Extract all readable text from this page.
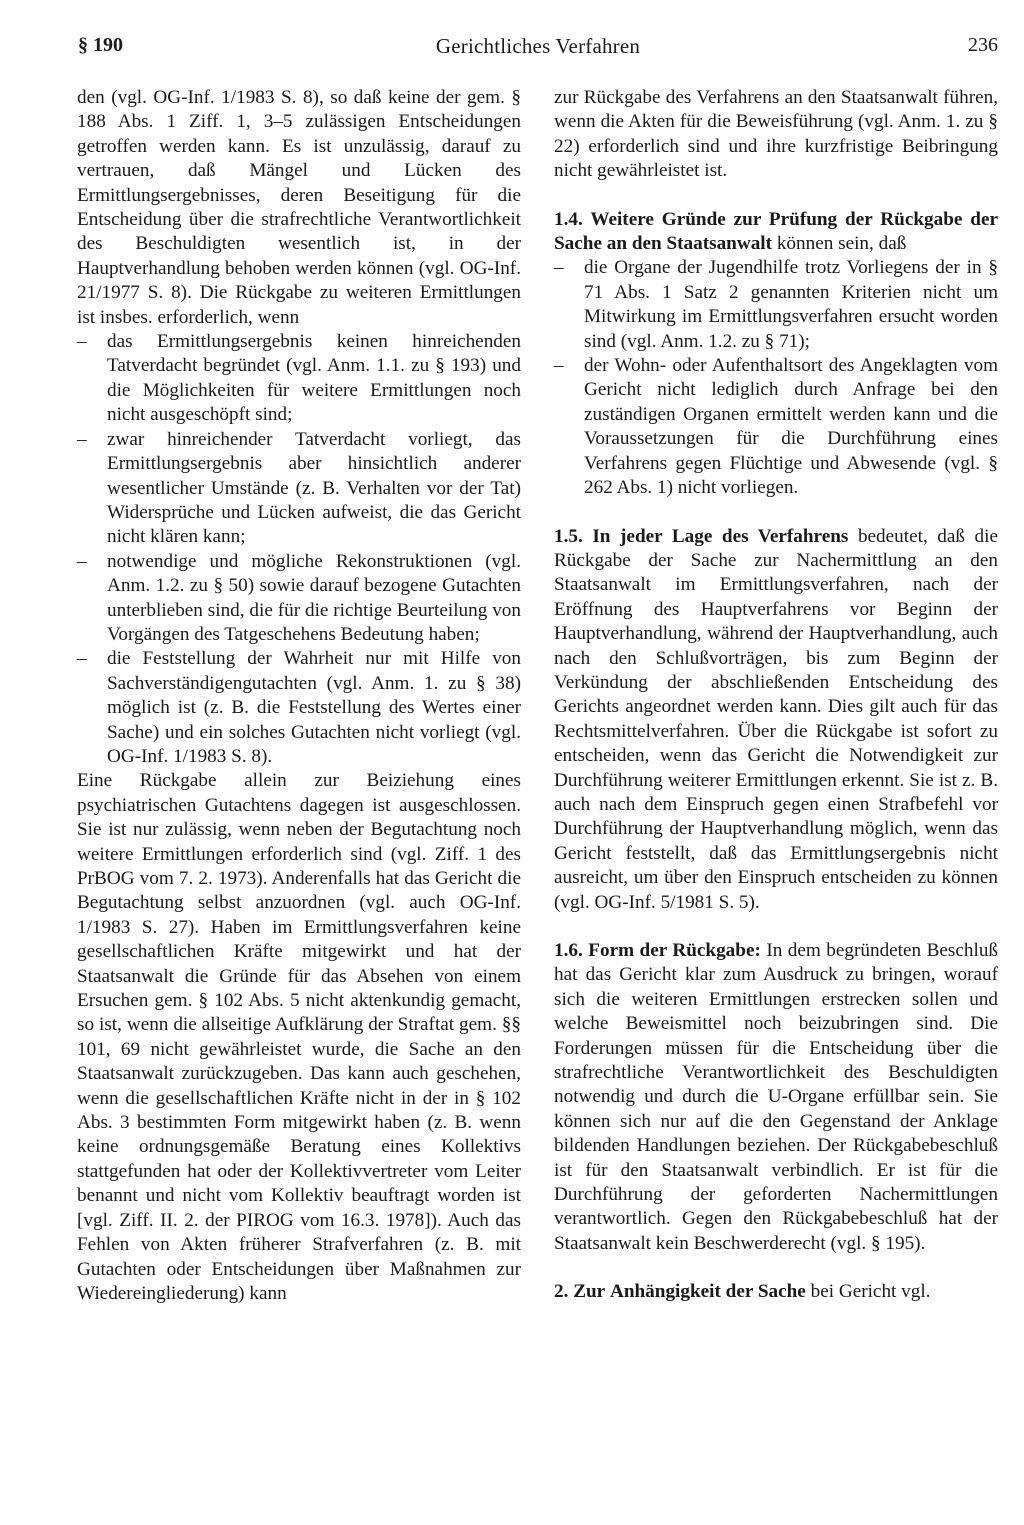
§ 190	Gerichtliches Verfahren	236

den (vgl. OG-Inf. 1/1983 S. 8), so daß keine der gem. § 188 Abs. 1 Ziff. 1, 3–5 zulässigen Entscheidungen getroffen werden kann. Es ist unzulässig, darauf zu vertrauen, daß Mängel und Lücken des Ermittlungsergebnisses, deren Beseitigung für die Entscheidung über die strafrechtliche Verantwortlichkeit des Beschuldigten wesentlich ist, in der Hauptverhandlung behoben werden können (vgl. OG-Inf. 21/1977 S. 8). Die Rückgabe zu weiteren Ermittlungen ist insbes. erforderlich, wenn

–	das Ermittlungsergebnis keinen hinreichenden Tatverdacht begründet (vgl. Anm. 1.1. zu § 193) und die Möglichkeiten für weitere Ermittlungen noch nicht ausgeschöpft sind;
–	zwar hinreichender Tatverdacht vorliegt, das Ermittlungsergebnis aber hinsichtlich anderer wesentlicher Umstände (z. B. Verhalten vor der Tat) Widersprüche und Lücken aufweist, die das Gericht nicht klären kann;
–	notwendige und mögliche Rekonstruktionen (vgl. Anm. 1.2. zu § 50) sowie darauf bezogene Gutachten unterblieben sind, die für die richtige Beurteilung von Vorgängen des Tatgeschehens Bedeutung haben;
–	die Feststellung der Wahrheit nur mit Hilfe von Sachverständigengutachten (vgl. Anm. 1. zu § 38) möglich ist (z. B. die Feststellung des Wertes einer Sache) und ein solches Gutachten nicht vorliegt (vgl. OG-Inf. 1/1983 S. 8).

Eine Rückgabe allein zur Beiziehung eines psychiatrischen Gutachtens dagegen ist ausgeschlossen. Sie ist nur zulässig, wenn neben der Begutachtung noch weitere Ermittlungen erforderlich sind (vgl. Ziff. 1 des PrBOG vom 7. 2. 1973). Anderenfalls hat das Gericht die Begutachtung selbst anzuordnen (vgl. auch OG-Inf. 1/1983 S. 27). Haben im Ermittlungsverfahren keine gesellschaftlichen Kräfte mitgewirkt und hat der Staatsanwalt die Gründe für das Absehen von einem Ersuchen gem. § 102 Abs. 5 nicht aktenkundig gemacht, so ist, wenn die allseitige Aufklärung der Straftat gem. §§ 101, 69 nicht gewährleistet wurde, die Sache an den Staatsanwalt zurückzugeben. Das kann auch geschehen, wenn die gesellschaftlichen Kräfte nicht in der in § 102 Abs. 3 bestimmten Form mitgewirkt haben (z. B. wenn keine ordnungsgemäße Beratung eines Kollektivs stattgefunden hat oder der Kollektivvertreter vom Leiter benannt und nicht vom Kollektiv beauftragt worden ist [vgl. Ziff. II. 2. der PIROG vom 16.3. 1978]). Auch das Fehlen von Akten früherer Strafverfahren (z. B. mit Gutachten oder Entscheidungen über Maßnahmen zur Wiedereingliederung) kann

zur Rückgabe des Verfahrens an den Staatsanwalt führen, wenn die Akten für die Beweisführung (vgl. Anm. 1. zu § 22) erforderlich sind und ihre kurzfristige Beibringung nicht gewährleistet ist.

1.4. Weitere Gründe zur Prüfung der Rückgabe der Sache an den Staatsanwalt können sein, daß

–	die Organe der Jugendhilfe trotz Vorliegens der in § 71 Abs. 1 Satz 2 genannten Kriterien nicht um Mitwirkung im Ermittlungsverfahren ersucht worden sind (vgl. Anm. 1.2. zu § 71);
–	der Wohn- oder Aufenthaltsort des Angeklagten vom Gericht nicht lediglich durch Anfrage bei den zuständigen Organen ermittelt werden kann und die Voraussetzungen für die Durchführung eines Verfahrens gegen Flüchtige und Abwesende (vgl. § 262 Abs. 1) nicht vorliegen.

1.5. In jeder Lage des Verfahrens bedeutet, daß die Rückgabe der Sache zur Nachermittlung an den Staatsanwalt im Ermittlungsverfahren, nach der Eröffnung des Hauptverfahrens vor Beginn der Hauptverhandlung, während der Hauptverhandlung, auch nach den Schlußvorträgen, bis zum Beginn der Verkündung der abschließenden Entscheidung des Gerichts angeordnet werden kann. Dies gilt auch für das Rechtsmittelverfahren. Über die Rückgabe ist sofort zu entscheiden, wenn das Gericht die Notwendigkeit zur Durchführung weiterer Ermittlungen erkennt. Sie ist z. B. auch nach dem Einspruch gegen einen Strafbefehl vor Durchführung der Hauptverhandlung möglich, wenn das Gericht feststellt, daß das Ermittlungsergebnis nicht ausreicht, um über den Einspruch entscheiden zu können (vgl. OG-Inf. 5/1981 S. 5).

1.6. Form der Rückgabe: In dem begründeten Beschluß hat das Gericht klar zum Ausdruck zu bringen, worauf sich die weiteren Ermittlungen erstrecken sollen und welche Beweismittel noch beizubringen sind. Die Forderungen müssen für die Entscheidung über die strafrechtliche Verantwortlichkeit des Beschuldigten notwendig und durch die U-Organe erfüllbar sein. Sie können sich nur auf die den Gegenstand der Anklage bildenden Handlungen beziehen. Der Rückgabebeschluß ist für den Staatsanwalt verbindlich. Er ist für die Durchführung der geforderten Nachermittlungen verantwortlich. Gegen den Rückgabebeschluß hat der Staatsanwalt kein Beschwerderecht (vgl. § 195).

2. Zur Anhängigkeit der Sache bei Gericht vgl.
